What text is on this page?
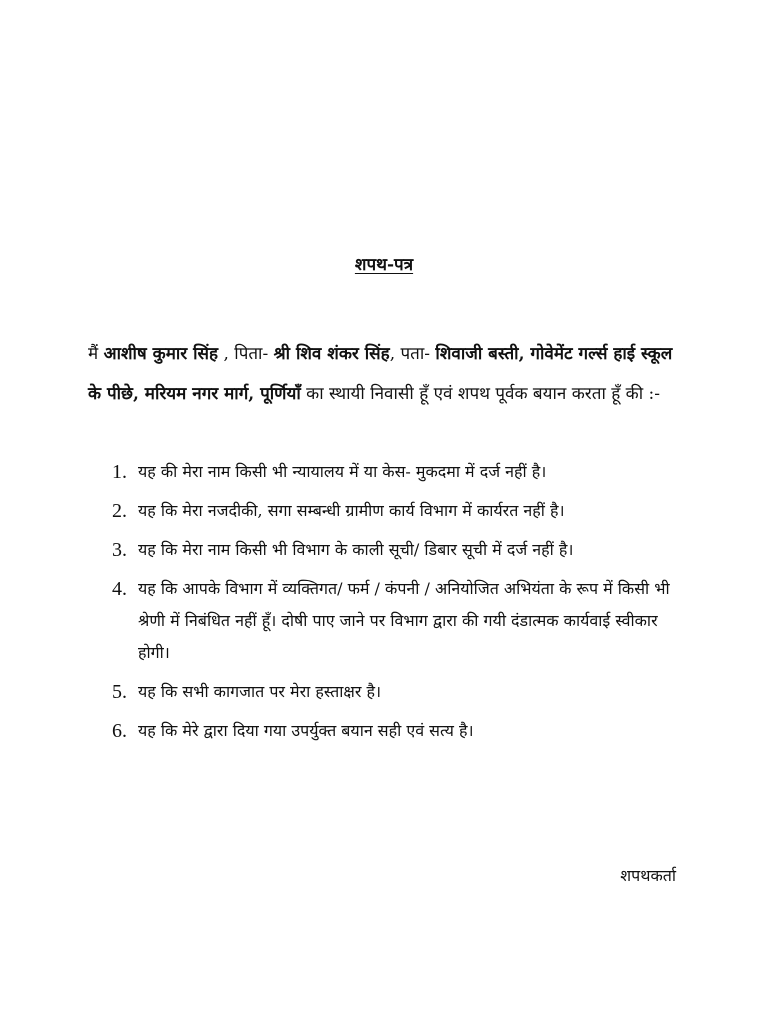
शपथ-पत्र
मैं आशीष कुमार सिंह , पिता- श्री शिव शंकर सिंह, पता- शिवाजी बस्ती, गोवेमेंट गर्ल्स हाई स्कूल के पीछे, मरियम नगर मार्ग, पूर्णियाँ का स्थायी निवासी हूँ एवं शपथ पूर्वक बयान करता हूँ की :-
1. यह की मेरा नाम किसी भी न्यायालय में या केस- मुकदमा में दर्ज नहीं है।
2. यह कि मेरा नजदीकी, सगा सम्बन्धी ग्रामीण कार्य विभाग में कार्यरत नहीं है।
3. यह कि मेरा नाम किसी भी विभाग के काली सूची/ डिबार सूची में दर्ज नहीं है।
4. यह कि आपके विभाग में व्यक्तिगत/ फर्म / कंपनी / अनियोजित अभियंता के रूप में किसी भी श्रेणी में निबंधित नहीं हूँ। दोषी पाए जाने पर विभाग द्वारा की गयी दंडात्मक कार्यवाई स्वीकार होगी।
5. यह कि सभी कागजात पर मेरा हस्ताक्षर है।
6. यह कि मेरे द्वारा दिया गया उपर्युक्त बयान सही एवं सत्य है।
शपथकर्ता
